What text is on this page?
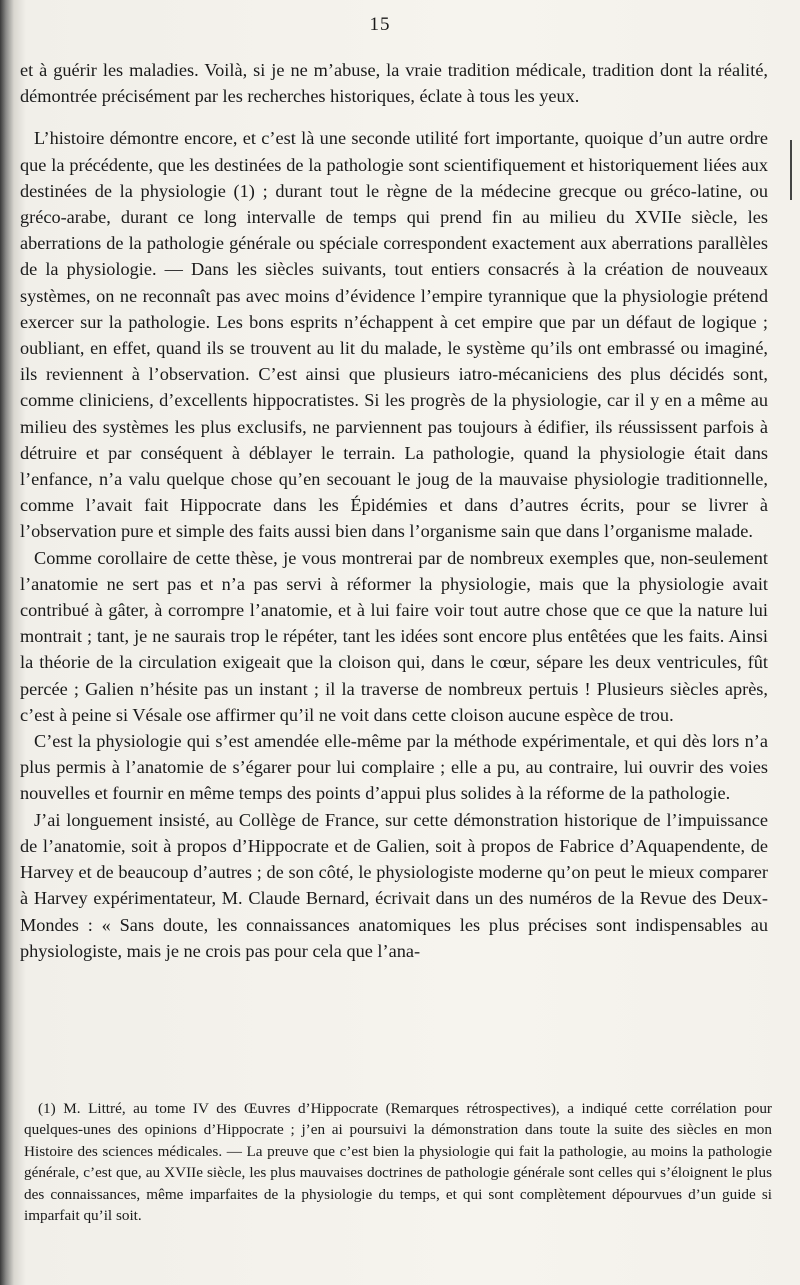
15

et à guérir les maladies. Voilà, si je ne m’abuse, la vraie tradition médicale, tradition dont la réalité, démontrée précisément par les recherches historiques, éclate à tous les yeux.

L’histoire démontre encore, et c’est là une seconde utilité fort importante, quoique d’un autre ordre que la précédente, que les destinées de la pathologie sont scientifiquement et historiquement liées aux destinées de la physiologie (1) ; durant tout le règne de la médecine grecque ou gréco-latine, ou gréco-arabe, durant ce long intervalle de temps qui prend fin au milieu du XVIIe siècle, les aberrations de la pathologie générale ou spéciale correspondent exactement aux aberrations parallèles de la physiologie. — Dans les siècles suivants, tout entiers consacrés à la création de nouveaux systèmes, on ne reconnaît pas avec moins d’évidence l’empire tyrannique que la physiologie prétend exercer sur la pathologie. Les bons esprits n’échappent à cet empire que par un défaut de logique ; oubliant, en effet, quand ils se trouvent au lit du malade, le système qu’ils ont embrassé ou imaginé, ils reviennent à l’observation. C’est ainsi que plusieurs iatro-mécaniciens des plus décidés sont, comme cliniciens, d’excellents hippocratistes. Si les progrès de la physiologie, car il y en a même au milieu des systèmes les plus exclusifs, ne parviennent pas toujours à édifier, ils réussissent parfois à détruire et par conséquent à déblayer le terrain. La pathologie, quand la physiologie était dans l’enfance, n’a valu quelque chose qu’en secouant le joug de la mauvaise physiologie traditionnelle, comme l’avait fait Hippocrate dans les Épidémies et dans d’autres écrits, pour se livrer à l’observation pure et simple des faits aussi bien dans l’organisme sain que dans l’organisme malade.

Comme corollaire de cette thèse, je vous montrerai par de nombreux exemples que, non-seulement l’anatomie ne sert pas et n’a pas servi à réformer la physiologie, mais que la physiologie avait contribué à gâter, à corrompre l’anatomie, et à lui faire voir tout autre chose que ce que la nature lui montrait ; tant, je ne saurais trop le répéter, tant les idées sont encore plus entêtées que les faits. Ainsi la théorie de la circulation exigeait que la cloison qui, dans le cœur, sépare les deux ventricules, fût percée ; Galien n’hésite pas un instant ; il la traverse de nombreux pertuis ! Plusieurs siècles après, c’est à peine si Vésale ose affirmer qu’il ne voit dans cette cloison aucune espèce de trou.

C’est la physiologie qui s’est amendée elle-même par la méthode expérimentale, et qui dès lors n’a plus permis à l’anatomie de s’égarer pour lui complaire ; elle a pu, au contraire, lui ouvrir des voies nouvelles et fournir en même temps des points d’appui plus solides à la réforme de la pathologie.

J’ai longuement insisté, au Collège de France, sur cette démonstration historique de l’impuissance de l’anatomie, soit à propos d’Hippocrate et de Galien, soit à propos de Fabrice d’Aquapendente, de Harvey et de beaucoup d’autres ; de son côté, le physiologiste moderne qu’on peut le mieux comparer à Harvey expérimentateur, M. Claude Bernard, écrivait dans un des numéros de la Revue des Deux-Mondes : « Sans doute, les connaissances anatomiques les plus précises sont indispensables au physiologiste, mais je ne crois pas pour cela que l’ana-

(1) M. Littré, au tome IV des Œuvres d’Hippocrate (Remarques rétrospectives), a indiqué cette corrélation pour quelques-unes des opinions d’Hippocrate ; j’en ai poursuivi la démonstration dans toute la suite des siècles en mon Histoire des sciences médicales. — La preuve que c’est bien la physiologie qui fait la pathologie, au moins la pathologie générale, c’est que, au XVIIe siècle, les plus mauvaises doctrines de pathologie générale sont celles qui s’éloignent le plus des connaissances, même imparfaites de la physiologie du temps, et qui sont complètement dépourvues d’un guide si imparfait qu’il soit.
